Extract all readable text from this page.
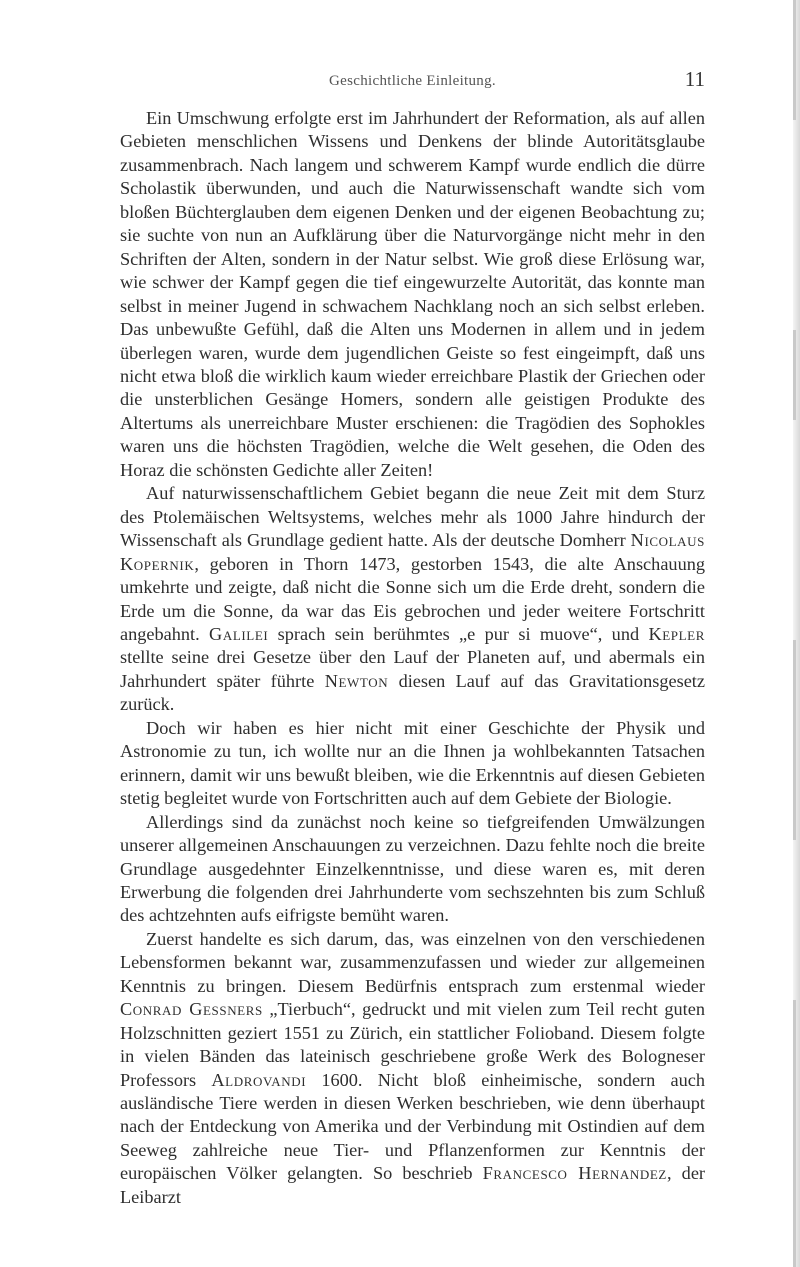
Geschichtliche Einleitung.	11

Ein Umschwung erfolgte erst im Jahrhundert der Reformation, als auf allen Gebieten menschlichen Wissens und Denkens der blinde Autoritätsglaube zusammenbrach. Nach langem und schwerem Kampf wurde endlich die dürre Scholastik überwunden, und auch die Naturwissenschaft wandte sich vom bloßen Büchterglauben dem eigenen Denken und der eigenen Beobachtung zu; sie suchte von nun an Aufklärung über die Naturvorgänge nicht mehr in den Schriften der Alten, sondern in der Natur selbst. Wie groß diese Erlösung war, wie schwer der Kampf gegen die tief eingewurzelte Autorität, das konnte man selbst in meiner Jugend in schwachem Nachklang noch an sich selbst erleben. Das unbewußte Gefühl, daß die Alten uns Modernen in allem und in jedem überlegen waren, wurde dem jugendlichen Geiste so fest eingeimpft, daß uns nicht etwa bloß die wirklich kaum wieder erreichbare Plastik der Griechen oder die unsterblichen Gesänge Homers, sondern alle geistigen Produkte des Altertums als unerreichbare Muster erschienen: die Tragödien des Sophokles waren uns die höchsten Tragödien, welche die Welt gesehen, die Oden des Horaz die schönsten Gedichte aller Zeiten!

Auf naturwissenschaftlichem Gebiet begann die neue Zeit mit dem Sturz des Ptolemäischen Weltsystems, welches mehr als 1000 Jahre hindurch der Wissenschaft als Grundlage gedient hatte. Als der deutsche Domherr Nicolaus Kopernik, geboren in Thorn 1473, gestorben 1543, die alte Anschauung umkehrte und zeigte, daß nicht die Sonne sich um die Erde dreht, sondern die Erde um die Sonne, da war das Eis gebrochen und jeder weitere Fortschritt angebahnt. Galilei sprach sein berühmtes „e pur si muove“, und Kepler stellte seine drei Gesetze über den Lauf der Planeten auf, und abermals ein Jahrhundert später führte Newton diesen Lauf auf das Gravitationsgesetz zurück.

Doch wir haben es hier nicht mit einer Geschichte der Physik und Astronomie zu tun, ich wollte nur an die Ihnen ja wohlbekannten Tatsachen erinnern, damit wir uns bewußt bleiben, wie die Erkenntnis auf diesen Gebieten stetig begleitet wurde von Fortschritten auch auf dem Gebiete der Biologie.

Allerdings sind da zunächst noch keine so tiefgreifenden Umwälzungen unserer allgemeinen Anschauungen zu verzeichnen. Dazu fehlte noch die breite Grundlage ausgedehnter Einzelkenntnisse, und diese waren es, mit deren Erwerbung die folgenden drei Jahrhunderte vom sechszehnten bis zum Schluß des achtzehnten aufs eifrigste bemüht waren.

Zuerst handelte es sich darum, das, was einzelnen von den verschiedenen Lebensformen bekannt war, zusammenzufassen und wieder zur allgemeinen Kenntnis zu bringen. Diesem Bedürfnis entsprach zum erstenmal wieder Conrad Gessners „Tierbuch“, gedruckt und mit vielen zum Teil recht guten Holzschnitten geziert 1551 zu Zürich, ein stattlicher Folioband. Diesem folgte in vielen Bänden das lateinisch geschriebene große Werk des Bologneser Professors Aldrovandi 1600. Nicht bloß einheimische, sondern auch ausländische Tiere werden in diesen Werken beschrieben, wie denn überhaupt nach der Entdeckung von Amerika und der Verbindung mit Ostindien auf dem Seeweg zahlreiche neue Tier- und Pflanzenformen zur Kenntnis der europäischen Völker gelangten. So beschrieb Francesco Hernandez, der Leibarzt
